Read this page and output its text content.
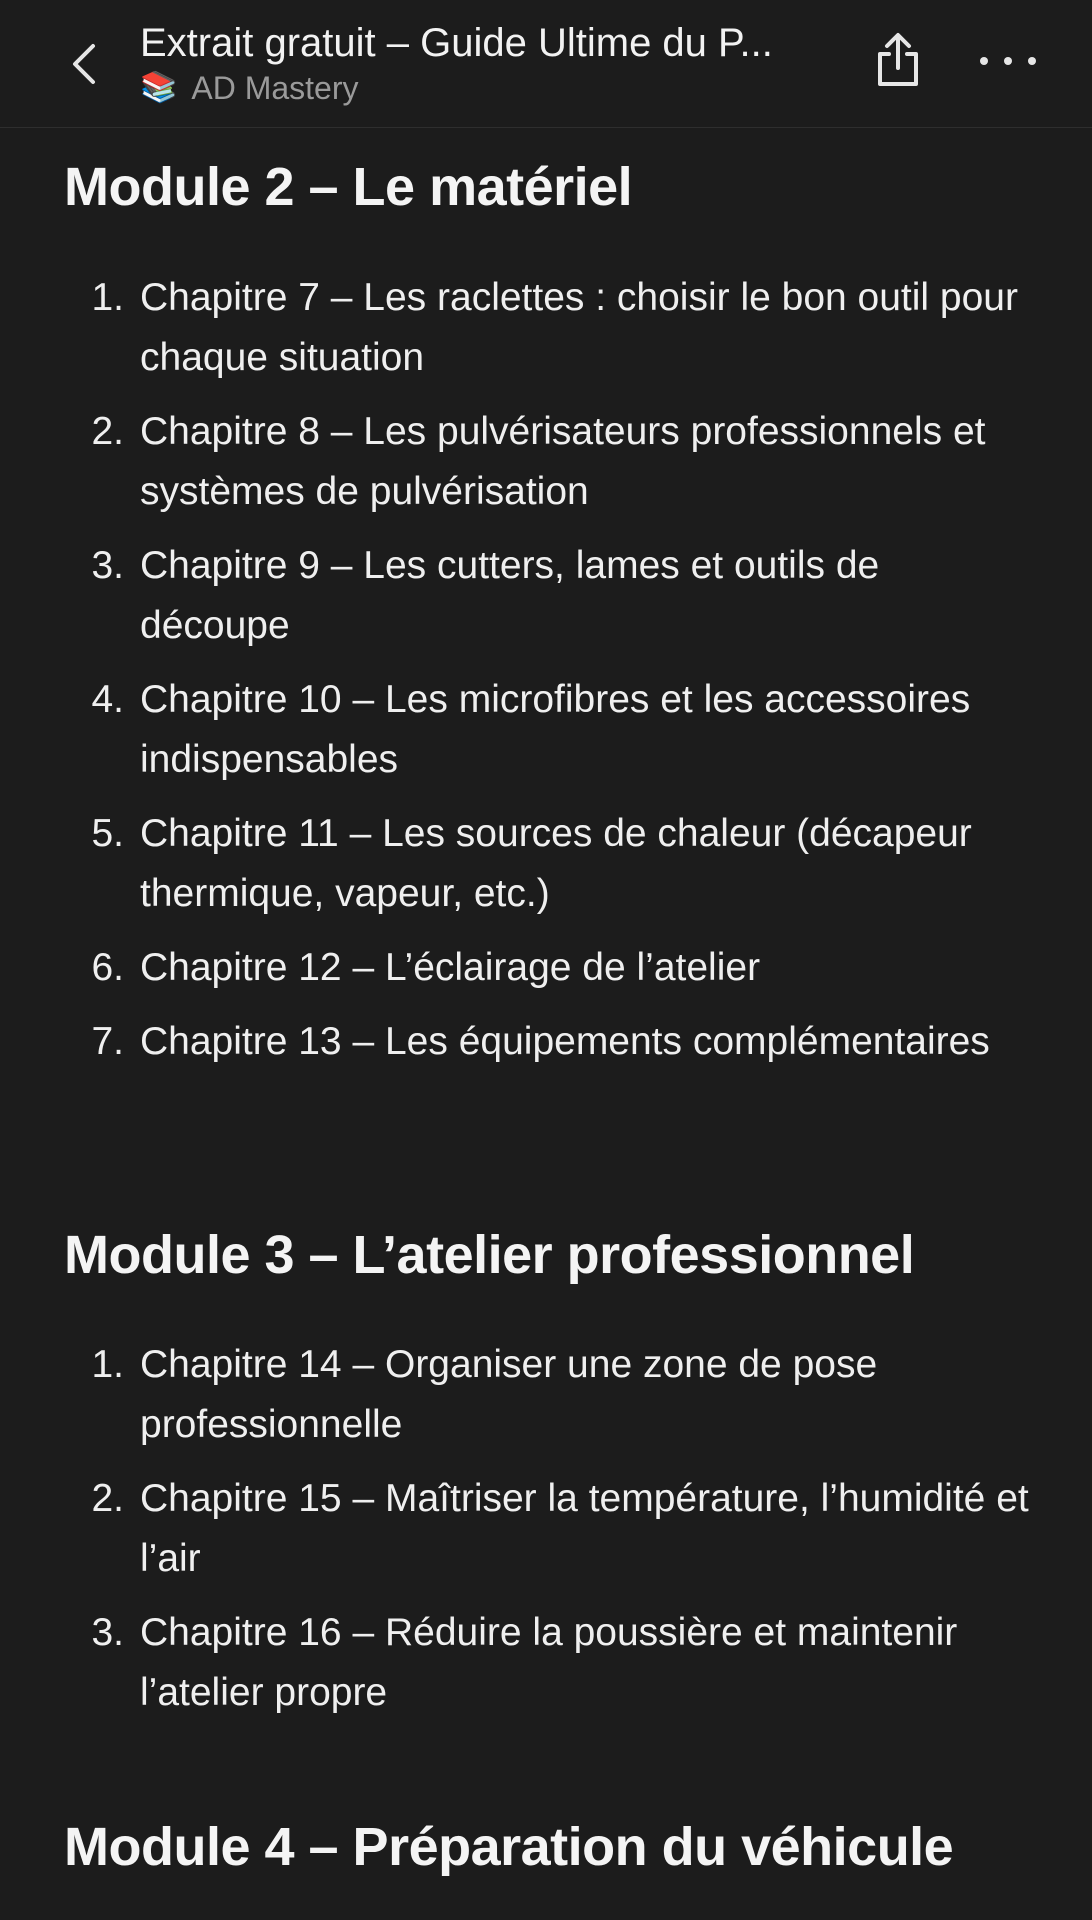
Extrait gratuit – Guide Ultime du P...
📚 AD Mastery
Module 2 – Le matériel
1. Chapitre 7 – Les raclettes : choisir le bon outil pour chaque situation
2. Chapitre 8 – Les pulvérisateurs professionnels et systèmes de pulvérisation
3. Chapitre 9 – Les cutters, lames et outils de découpe
4. Chapitre 10 – Les microfibres et les accessoires indispensables
5. Chapitre 11 – Les sources de chaleur (décapeur thermique, vapeur, etc.)
6. Chapitre 12 – L’éclairage de l’atelier
7. Chapitre 13 – Les équipements complémentaires
Module 3 – L’atelier professionnel
1. Chapitre 14 – Organiser une zone de pose professionnelle
2. Chapitre 15 – Maîtriser la température, l’humidité et l’air
3. Chapitre 16 – Réduire la poussière et maintenir l’atelier propre
Module 4 – Préparation du véhicule
